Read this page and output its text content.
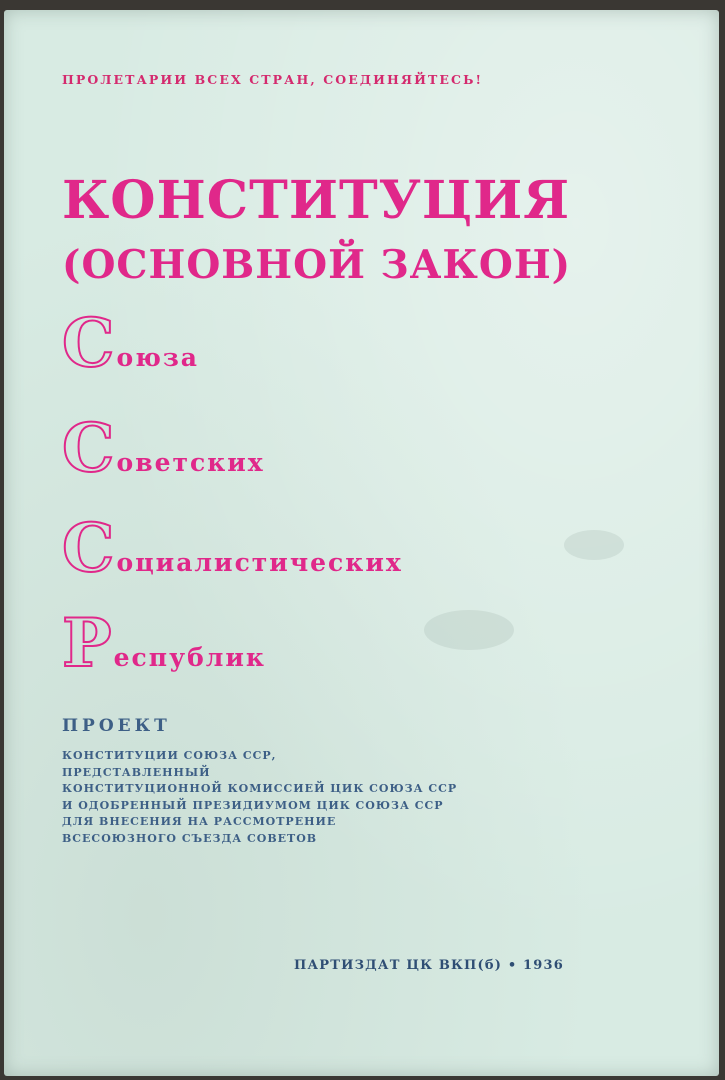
ПРОЛЕТАРИИ ВСЕХ СТРАН, СОЕДИНЯЙТЕСЬ!
КОНСТИТУЦИЯ
(ОСНОВНОЙ ЗАКОН)
Союза
Советских
Социалистических
Республик
ПРОЕКТ
КОНСТИТУЦИИ СОЮЗА ССР,
ПРЕДСТАВЛЕННЫЙ
КОНСТИТУЦИОННОЙ КОМИССИЕЙ ЦИК СОЮЗА ССР
И ОДОБРЕННЫЙ ПРЕЗИДИУМОМ ЦИК СОЮЗА ССР
ДЛЯ ВНЕСЕНИЯ НА РАССМОТРЕНИЕ
ВСЕСОЮЗНОГО СЪЕЗДА СОВЕТОВ
ПАРТИЗДАТ ЦК ВКП(б) • 1936
